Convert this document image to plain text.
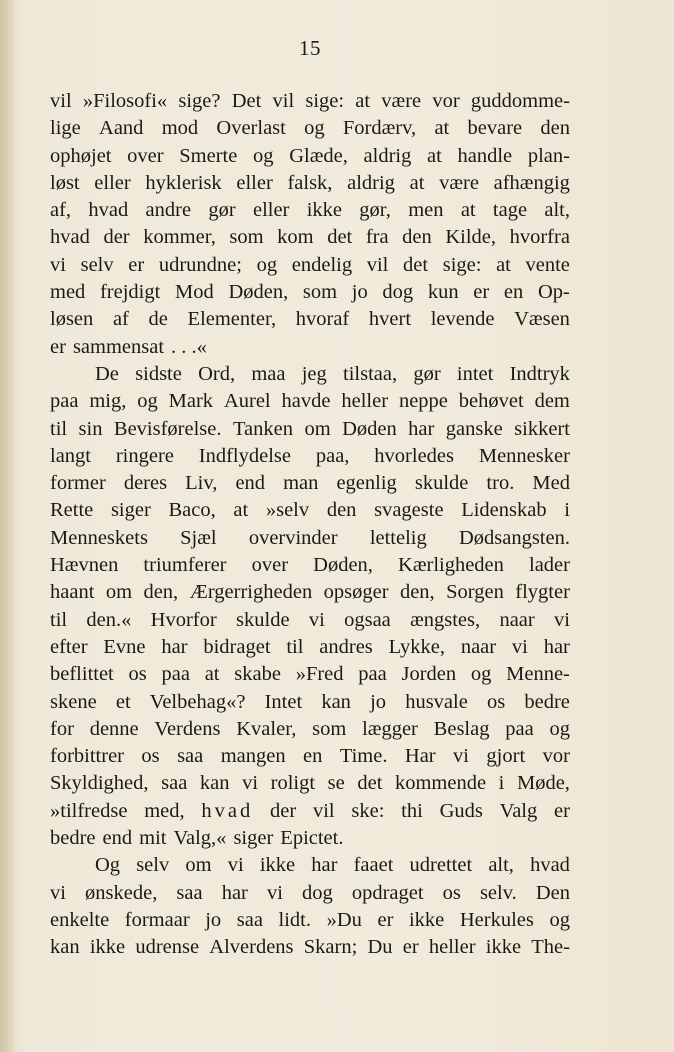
15
vil »Filosofi« sige? Det vil sige: at være vor guddomme-
lige Aand mod Overlast og Fordærv, at bevare den
ophøjet over Smerte og Glæde, aldrig at handle plan-
løst eller hyklerisk eller falsk, aldrig at være afhængig
af, hvad andre gør eller ikke gør, men at tage alt,
hvad der kommer, som kom det fra den Kilde, hvorfra
vi selv er udrundne; og endelig vil det sige: at vente
med frejdigt Mod Døden, som jo dog kun er en Op-
løsen af de Elementer, hvoraf hvert levende Væsen
er sammensat . . .«
De sidste Ord, maa jeg tilstaa, gør intet Indtryk
paa mig, og Mark Aurel havde heller neppe behøvet dem
til sin Bevisførelse. Tanken om Døden har ganske sikkert
langt ringere Indflydelse paa, hvorledes Mennesker
former deres Liv, end man egenlig skulde tro. Med
Rette siger Baco, at »selv den svageste Lidenskab i
Menneskets Sjæl overvinder lettelig Dødsangsten.
Hævnen triumferer over Døden, Kærligheden lader
haant om den, Ærgerrigheden opsøger den, Sorgen flygter
til den.« Hvorfor skulde vi ogsaa ængstes, naar vi
efter Evne har bidraget til andres Lykke, naar vi har
beflittet os paa at skabe »Fred paa Jorden og Menne-
skene et Velbehag«? Intet kan jo husvale os bedre
for denne Verdens Kvaler, som lægger Beslag paa og
forbittrer os saa mangen en Time. Har vi gjort vor
Skyldighed, saa kan vi roligt se det kommende i Møde,
»tilfredse med, hvad der vil ske: thi Guds Valg er
bedre end mit Valg,« siger Epictet.
Og selv om vi ikke har faaet udrettet alt, hvad
vi ønskede, saa har vi dog opdraget os selv. Den
enkelte formaar jo saa lidt. »Du er ikke Herkules og
kan ikke udrense Alverdens Skarn; Du er heller ikke The-
